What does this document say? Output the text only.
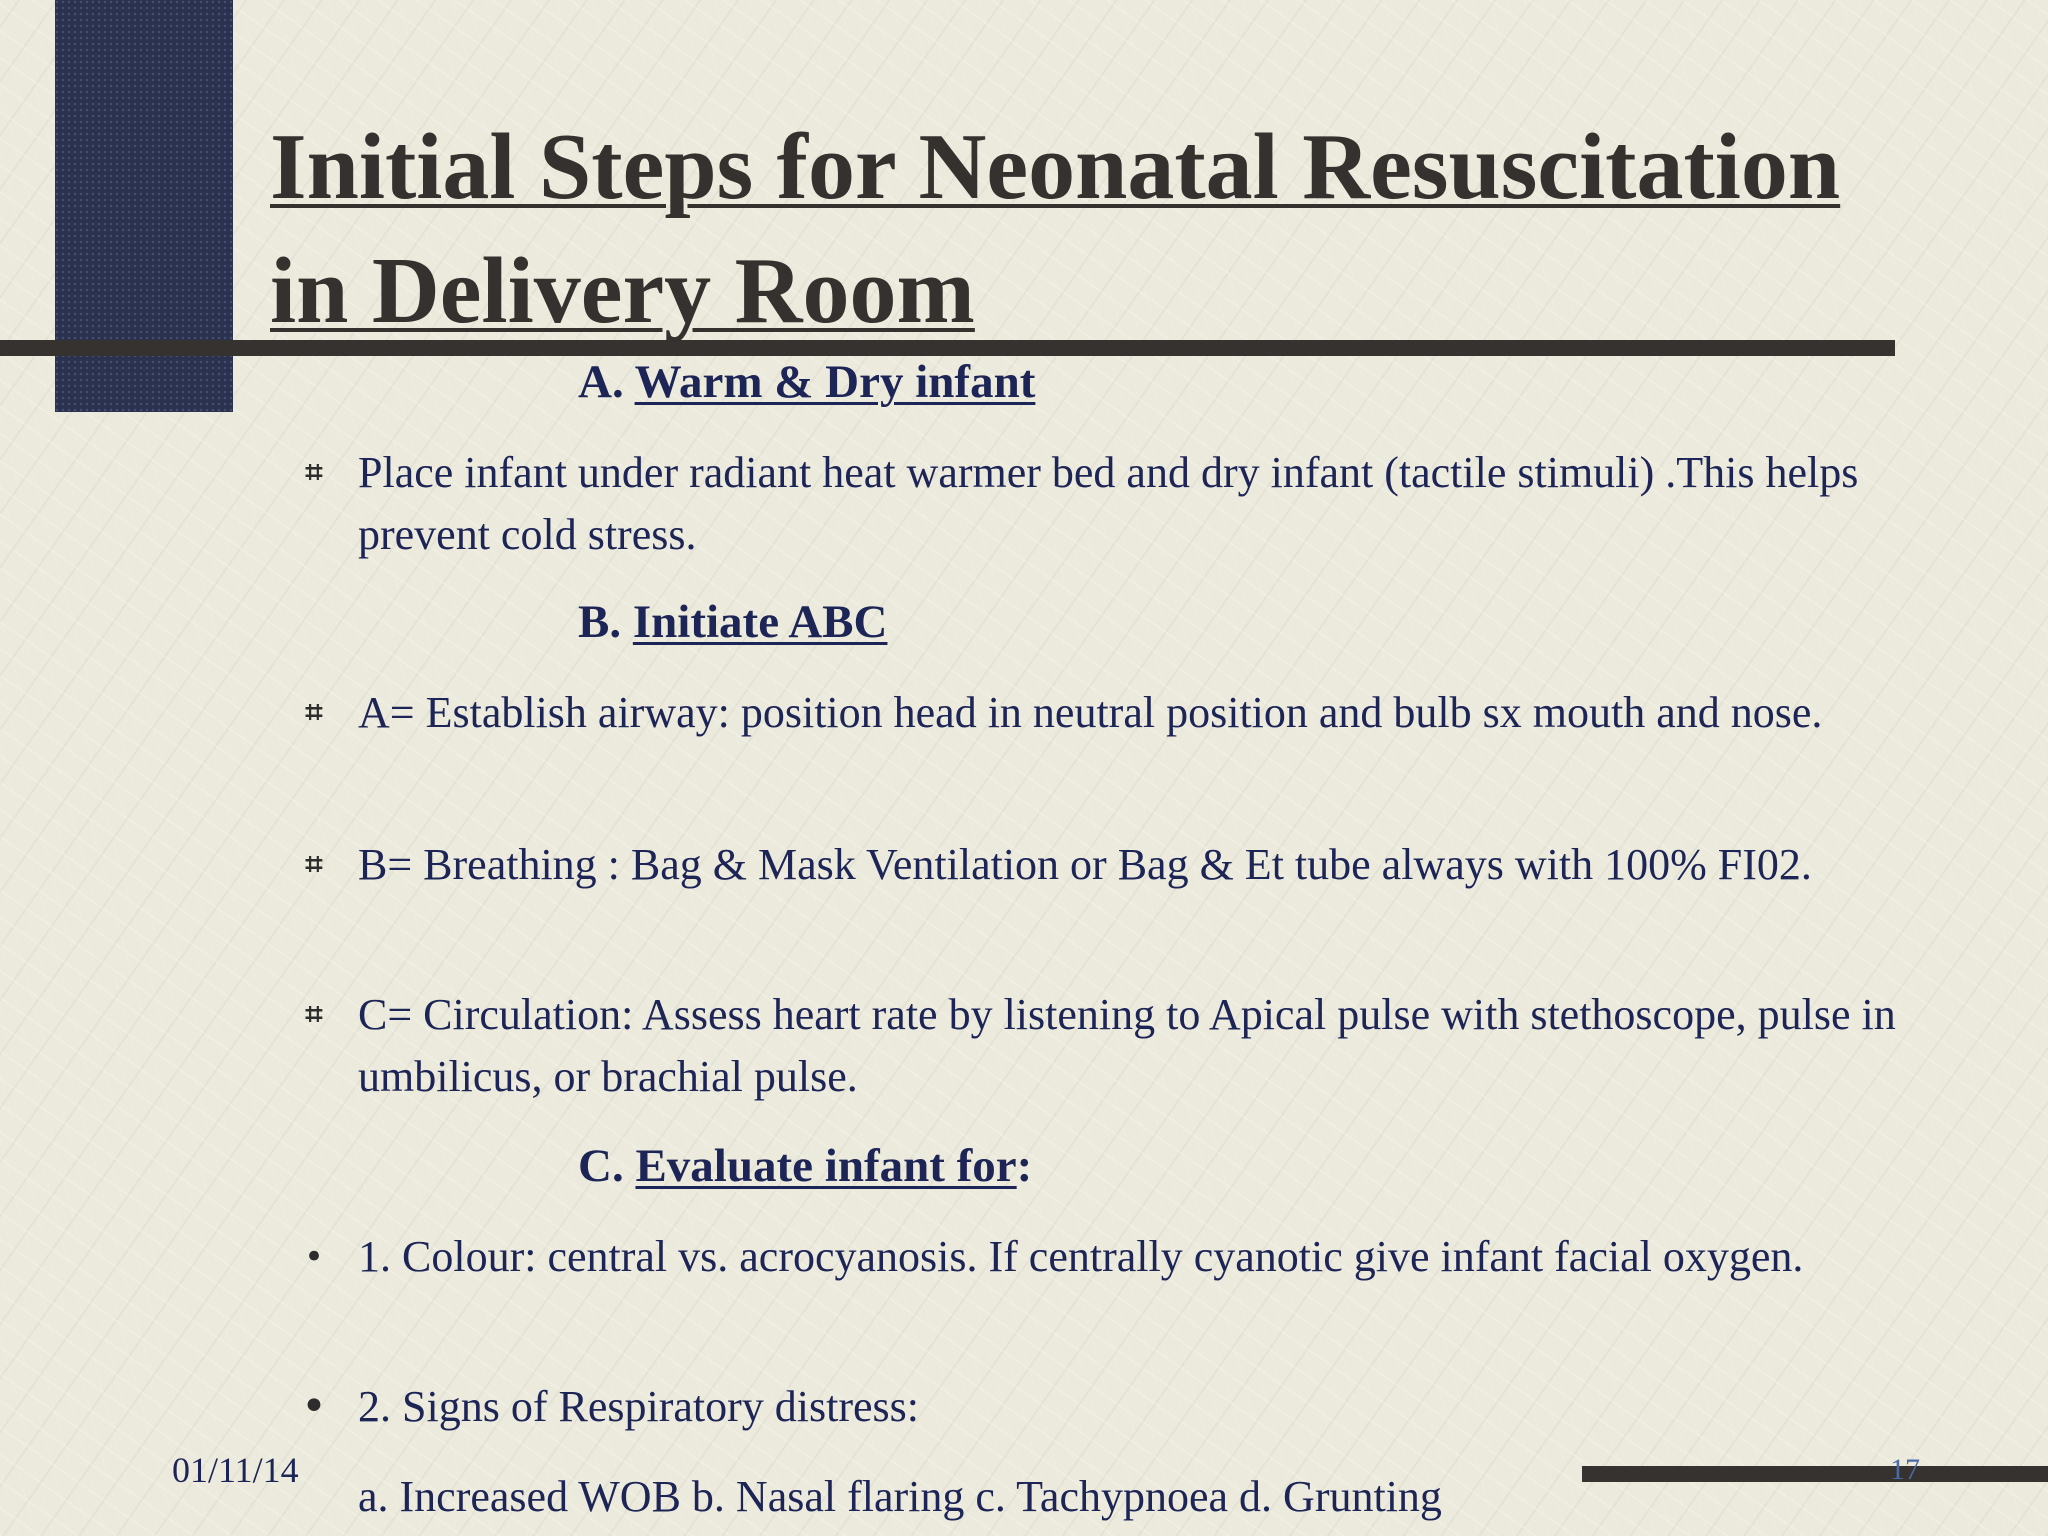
Initial Steps for Neonatal Resuscitation
in Delivery Room
A. Warm & Dry infant
⌗ Place infant under radiant heat warmer bed and dry infant (tactile stimuli) .This helps prevent cold stress.
B. Initiate ABC
⌗ A= Establish airway: position head in neutral position and bulb sx mouth and nose.
⌗ B= Breathing : Bag & Mask Ventilation or Bag & Et tube always with 100% FI02.
⌗ C= Circulation: Assess heart rate by listening to Apical pulse with stethoscope, pulse in umbilicus, or brachial pulse.
C. Evaluate infant for:
• 1. Colour: central vs. acrocyanosis. If centrally cyanotic give infant facial oxygen.
• 2. Signs of Respiratory distress:
a. Increased WOB b. Nasal flaring c. Tachypnoea d. Grunting
01/11/14	17
